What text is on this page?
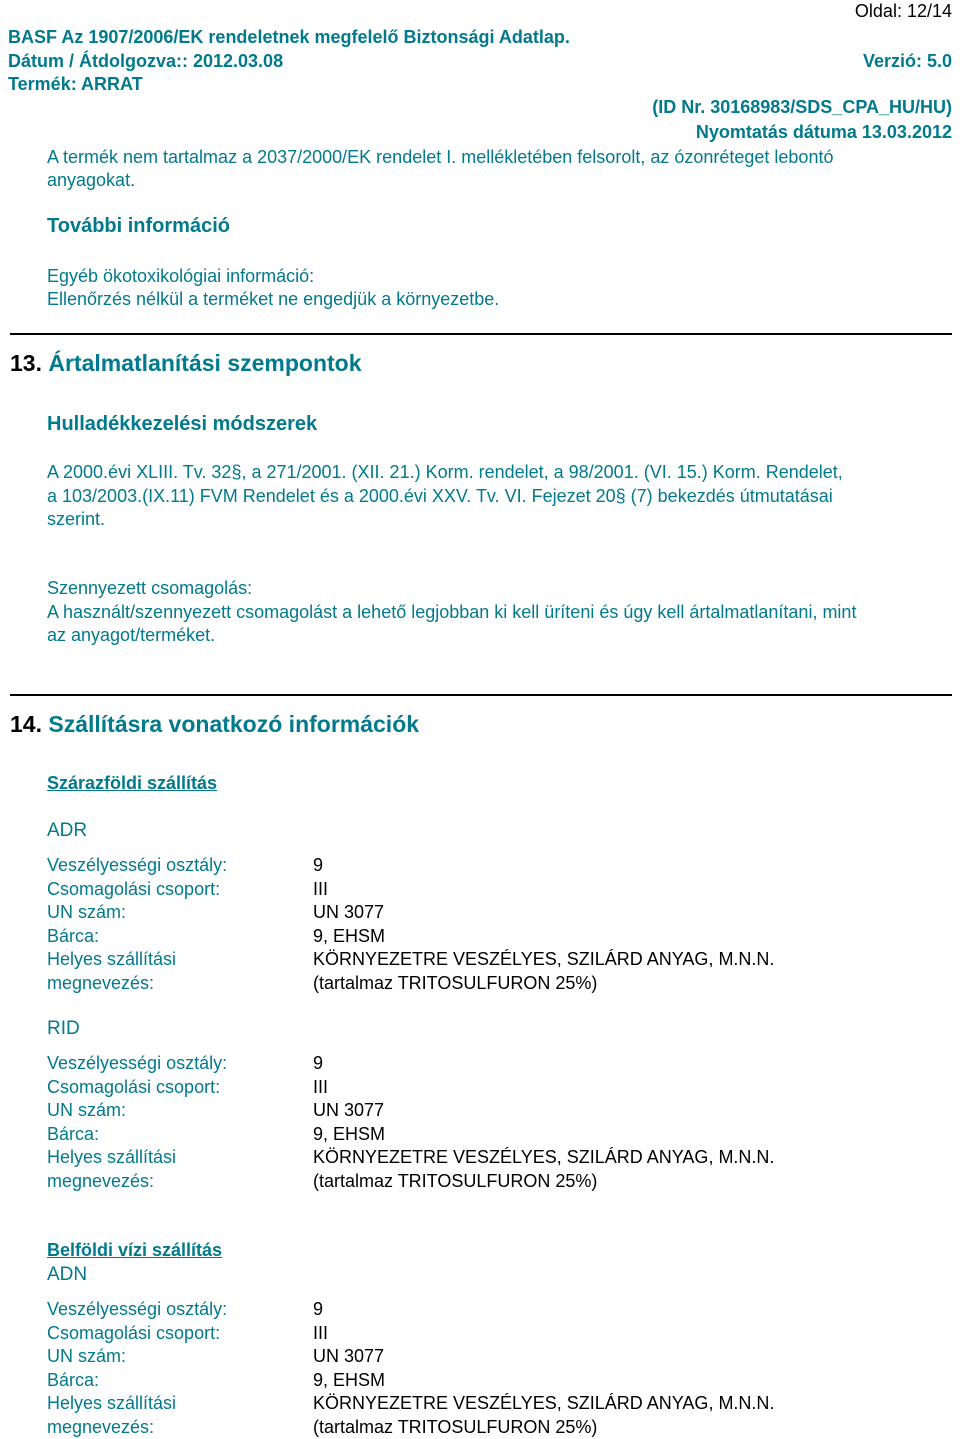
Oldal: 12/14
BASF Az 1907/2006/EK rendeletnek megfelelő Biztonsági Adatlap.
Dátum / Átdolgozva:: 2012.03.08	Verzió: 5.0
Termék: ARRAT
(ID Nr. 30168983/SDS_CPA_HU/HU)
Nyomtatás dátuma 13.03.2012
A termék nem tartalmaz a 2037/2000/EK rendelet I. mellékletében felsorolt, az ózonréteget lebontó
anyagokat.
További információ
Egyéb ökotoxikológiai információ:
Ellenőrzés nélkül a terméket ne engedjük a környezetbe.
13. Ártalmatlanítási szempontok
Hulladékkezelési módszerek
A 2000.évi XLIII. Tv. 32§, a 271/2001. (XII. 21.) Korm. rendelet, a 98/2001. (VI. 15.) Korm. Rendelet,
a 103/2003.(IX.11) FVM Rendelet és a 2000.évi XXV. Tv. VI. Fejezet 20§ (7) bekezdés útmutatásai
szerint.
Szennyezett csomagolás:
A használt/szennyezett csomagolást a lehető legjobban ki kell üríteni és úgy kell ártalmatlanítani, mint
az anyagot/terméket.
14. Szállításra vonatkozó információk
Szárazföldi szállítás
ADR
Veszélyességi osztály:	9
Csomagolási csoport:	III
UN szám:	UN 3077
Bárca:	9, EHSM
Helyes szállítási	KÖRNYEZETRE VESZÉLYES, SZILÁRD ANYAG, M.N.N.
megnevezés:	(tartalmaz TRITOSULFURON 25%)
RID
Veszélyességi osztály:	9
Csomagolási csoport:	III
UN szám:	UN 3077
Bárca:	9, EHSM
Helyes szállítási	KÖRNYEZETRE VESZÉLYES, SZILÁRD ANYAG, M.N.N.
megnevezés:	(tartalmaz TRITOSULFURON 25%)
Belföldi vízi szállítás
ADN
Veszélyességi osztály:	9
Csomagolási csoport:	III
UN szám:	UN 3077
Bárca:	9, EHSM
Helyes szállítási	KÖRNYEZETRE VESZÉLYES, SZILÁRD ANYAG, M.N.N.
megnevezés:	(tartalmaz TRITOSULFURON 25%)
